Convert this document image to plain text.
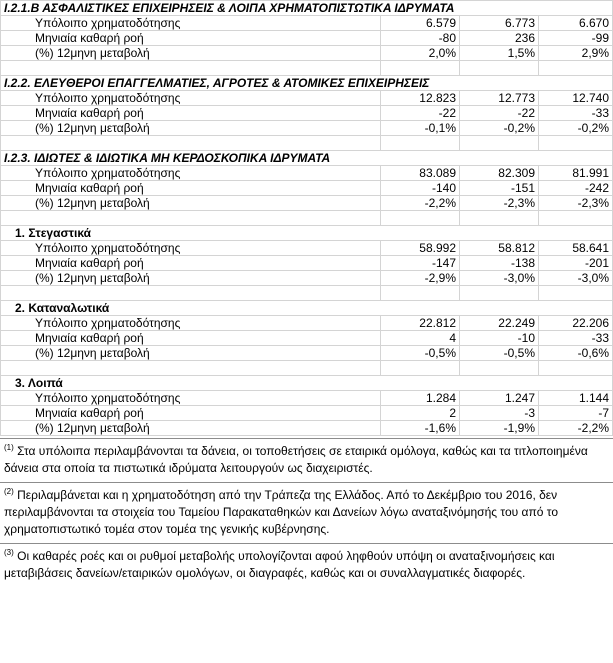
I.2.1.Β ΑΣΦΑΛΙΣΤΙΚΕΣ ΕΠΙΧΕΙΡΗΣΕΙΣ & ΛΟΙΠΑ ΧΡΗΜΑΤΟΠΙΣΤΩΤΙΚΑ ΙΔΡΥΜΑΤΑ			
Υπόλοιπο χρηματοδότησης	6.579	6.773	6.670
Μηνιαία καθαρή ροή	-80	236	-99
(%) 12μηνη μεταβολή	2,0%	1,5%	2,9%

I.2.2. ΕΛΕΥΘΕΡΟΙ ΕΠΑΓΓΕΛΜΑΤΙΕΣ, ΑΓΡΟΤΕΣ & ΑΤΟΜΙΚΕΣ ΕΠΙΧΕΙΡΗΣΕΙΣ			
Υπόλοιπο χρηματοδότησης	12.823	12.773	12.740
Μηνιαία καθαρή ροή	-22	-22	-33
(%) 12μηνη μεταβολή	-0,1%	-0,2%	-0,2%

I.2.3. ΙΔΙΩΤΕΣ & ΙΔΙΩΤΙΚΑ ΜΗ ΚΕΡΔΟΣΚΟΠΙΚΑ ΙΔΡΥΜΑΤΑ			
Υπόλοιπο χρηματοδότησης	83.089	82.309	81.991
Μηνιαία καθαρή ροή	-140	-151	-242
(%) 12μηνη μεταβολή	-2,2%	-2,3%	-2,3%

1. Στεγαστικά			
Υπόλοιπο χρηματοδότησης	58.992	58.812	58.641
Μηνιαία καθαρή ροή	-147	-138	-201
(%) 12μηνη μεταβολή	-2,9%	-3,0%	-3,0%

2. Καταναλωτικά			
Υπόλοιπο χρηματοδότησης	22.812	22.249	22.206
Μηνιαία καθαρή ροή	4	-10	-33
(%) 12μηνη μεταβολή	-0,5%	-0,5%	-0,6%

3. Λοιπά			
Υπόλοιπο χρηματοδότησης	1.284	1.247	1.144
Μηνιαία καθαρή ροή	2	-3	-7
(%) 12μηνη μεταβολή	-1,6%	-1,9%	-2,2%
$^{(1)}$ Στα υπόλοιπα περιλαμβάνονται τα δάνεια, οι τοποθετήσεις σε εταιρικά ομόλογα, καθώς και τα τιτλοποιημένα δάνεια στα οποία τα πιστωτικά ιδρύματα λειτουργούν ως διαχειριστές.
$^{(2)}$ Περιλαμβάνεται και η χρηματοδότηση από την Τράπεζα της Ελλάδος. Από το Δεκέμβριο του 2016, δεν περιλαμβάνονται τα στοιχεία του Ταμείου Παρακαταθηκών και Δανείων λόγω αναταξινόμησής του από το χρηματοπιστωτικό τομέα στον τομέα της γενικής κυβέρνησης.
$^{(3)}$ Οι καθαρές ροές και οι ρυθμοί μεταβολής υπολογίζονται αφού ληφθούν υπόψη οι αναταξινομήσεις και μεταβιβάσεις δανείων/εταιρικών ομολόγων, οι διαγραφές, καθώς και οι συναλλαγματικές διαφορές.
